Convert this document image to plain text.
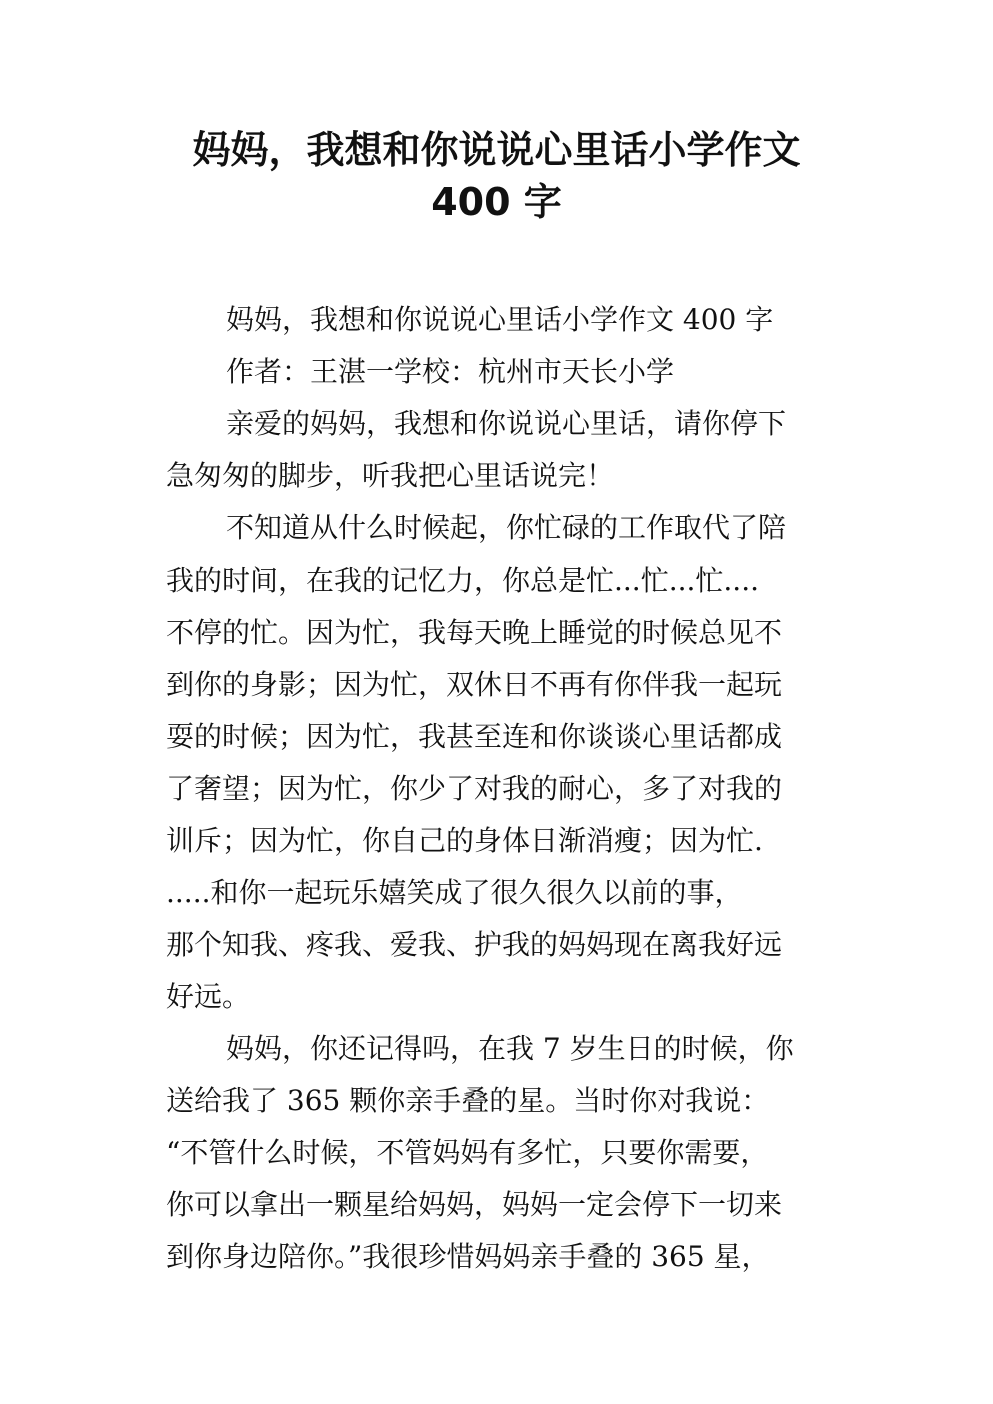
妈妈，我想和你说说心里话小学作文
400 字

妈妈，我想和你说说心里话小学作文 400 字

作者：王湛一学校：杭州市天长小学

亲爱的妈妈，我想和你说说心里话，请你停下

急匆匆的脚步，听我把心里话说完！

不知道从什么时候起，你忙碌的工作取代了陪

我的时间，在我的记忆力，你总是忙...忙...忙....

不停的忙。因为忙，我每天晚上睡觉的时候总见不

到你的身影；因为忙，双休日不再有你伴我一起玩

耍的时候；因为忙，我甚至连和你谈谈心里话都成

了奢望；因为忙，你少了对我的耐心，多了对我的

训斥；因为忙，你自己的身体日渐消瘦；因为忙.

.....和你一起玩乐嬉笑成了很久很久以前的事，

那个知我、疼我、爱我、护我的妈妈现在离我好远

好远。

妈妈，你还记得吗，在我 7 岁生日的时候，你

送给我了 365 颗你亲手叠的星。当时你对我说：

“不管什么时候，不管妈妈有多忙，只要你需要，

你可以拿出一颗星给妈妈，妈妈一定会停下一切来

到你身边陪你。”我很珍惜妈妈亲手叠的 365 星，
